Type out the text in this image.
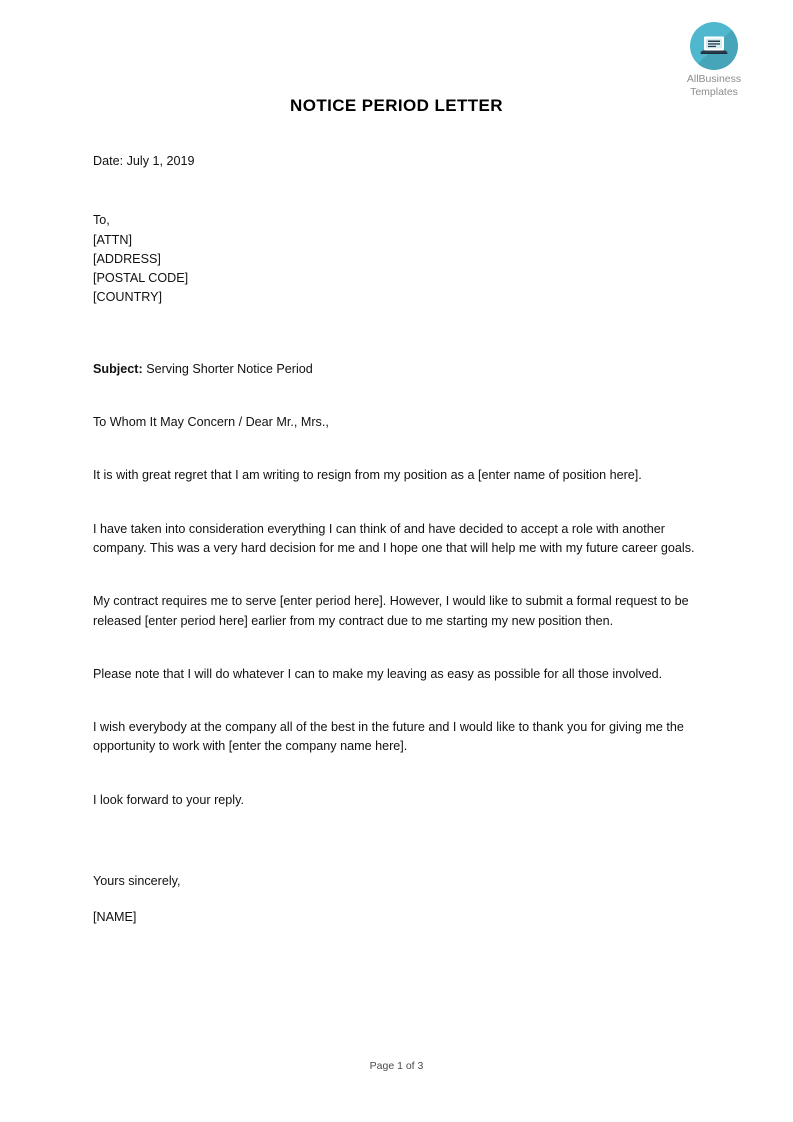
AllBusiness
Templates
NOTICE PERIOD LETTER

Date: July 1, 2019

To,

[ATTN]

[ADDRESS]

[POSTAL CODE]

[COUNTRY]

Subject: Serving Shorter Notice Period

To Whom It May Concern / Dear Mr., Mrs.,

It is with great regret that I am writing to resign from my position as a [enter name of position here].

I have taken into consideration everything I can think of and have decided to accept a role with another company. This was a very hard decision for me and I hope one that will help me with my future career goals.

My contract requires me to serve [enter period here]. However, I would like to submit a formal request to be released [enter period here] earlier from my contract due to me starting my new position then.

Please note that I will do whatever I can to make my leaving as easy as possible for all those involved.

I wish everybody at the company all of the best in the future and I would like to thank you for giving me the opportunity to work with [enter the company name here].

I look forward to your reply.

Yours sincerely,

[NAME]

Page 1 of 3
